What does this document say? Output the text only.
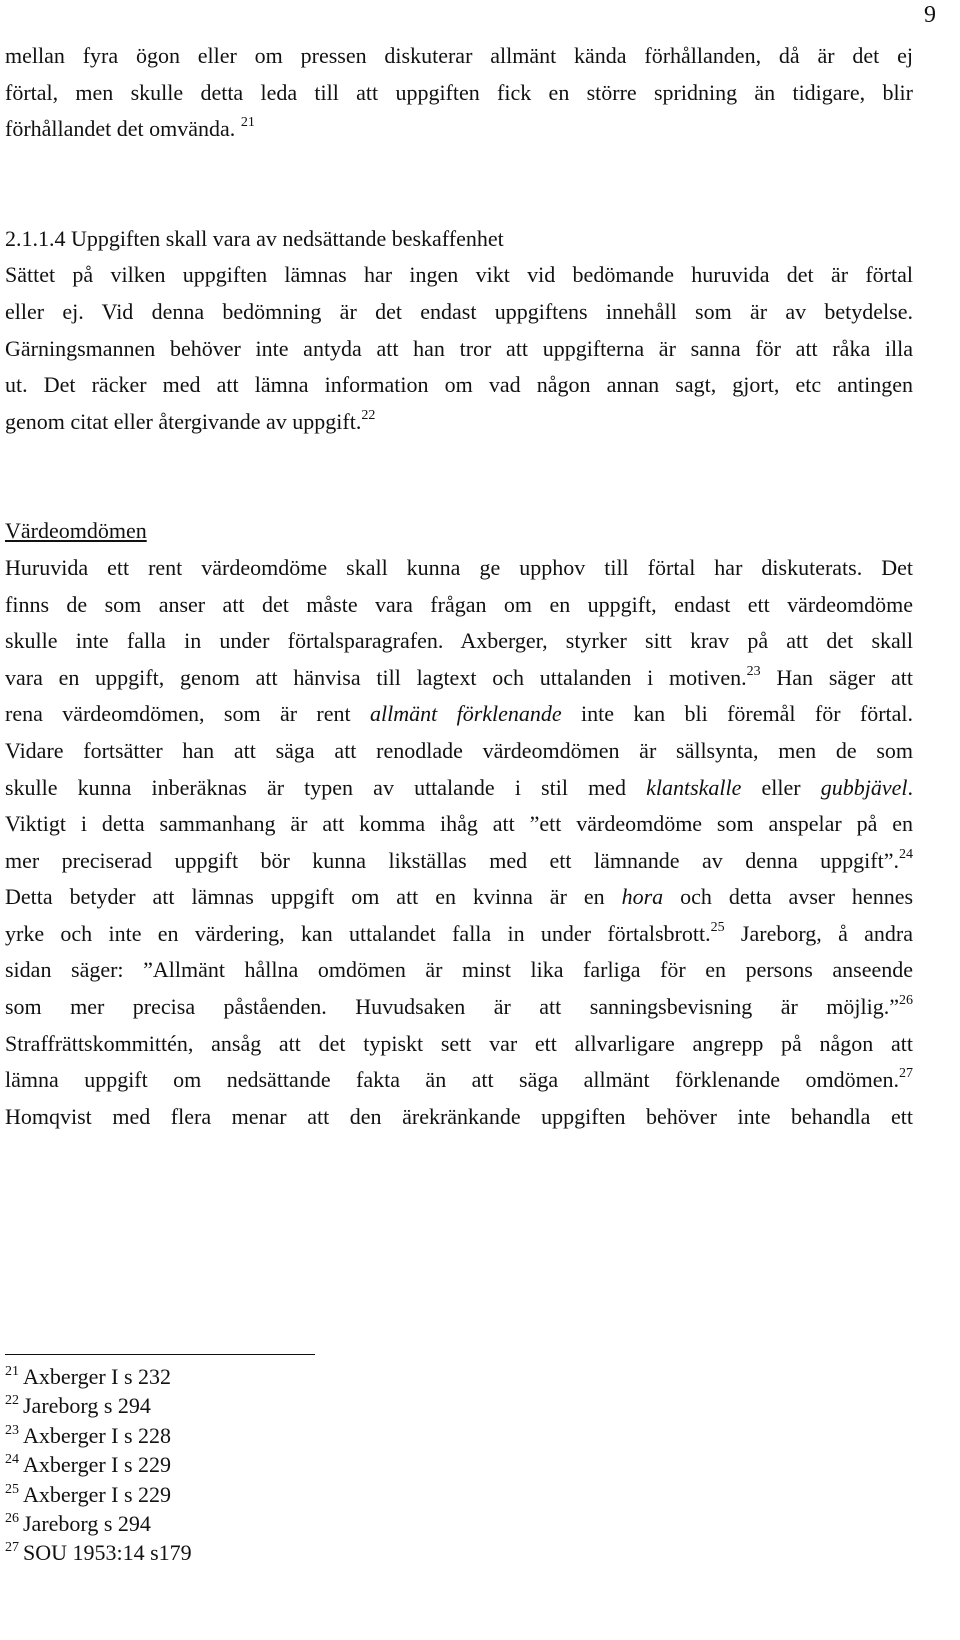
9
mellan fyra ögon eller om pressen diskuterar allmänt kända förhållanden, då är det ej
förtal, men skulle detta leda till att uppgiften fick en större spridning än tidigare, blir
förhållandet det omvända. $^{21}$
2.1.1.4 Uppgiften skall vara av nedsättande beskaffenhet
Sättet på vilken uppgiften lämnas har ingen vikt vid bedömande huruvida det är förtal
eller ej. Vid denna bedömning är det endast uppgiftens innehåll som är av betydelse.
Gärningsmannen behöver inte antyda att han tror att uppgifterna är sanna för att råka illa
ut. Det räcker med att lämna information om vad någon annan sagt, gjort, etc antingen
genom citat eller återgivande av uppgift.$^{22}$
Värdeomdömen
Huruvida ett rent värdeomdöme skall kunna ge upphov till förtal har diskuterats. Det
finns de som anser att det måste vara frågan om en uppgift, endast ett värdeomdöme
skulle inte falla in under förtalsparagrafen. Axberger, styrker sitt krav på att det skall
vara en uppgift, genom att hänvisa till lagtext och uttalanden i motiven.$^{23}$ Han säger att
rena värdeomdömen, som är rent allmänt förklenande inte kan bli föremål för förtal.
Vidare fortsätter han att säga att renodlade värdeomdömen är sällsynta, men de som
skulle kunna inberäknas är typen av uttalande i stil med klantskalle eller gubbjävel.
Viktigt i detta sammanhang är att komma ihåg att ”ett värdeomdöme som anspelar på en
mer preciserad uppgift bör kunna likställas med ett lämnande av denna uppgift”.$^{24}$
Detta betyder att lämnas uppgift om att en kvinna är en hora och detta avser hennes
yrke och inte en värdering, kan uttalandet falla in under förtalsbrott.$^{25}$ Jareborg, å andra
sidan säger: ”Allmänt hållna omdömen är minst lika farliga för en persons anseende
som mer precisa påståenden. Huvudsaken är att sanningsbevisning är möjlig.”$^{26}$
Straffrättskommittén, ansåg att det typiskt sett var ett allvarligare angrepp på någon att
lämna uppgift om nedsättande fakta än att säga allmänt förklenande omdömen.$^{27}$
Homqvist med flera menar att den ärekränkande uppgiften behöver inte behandla ett
$^{21}$ Axberger I s 232
$^{22}$ Jareborg s 294
$^{23}$ Axberger I s 228
$^{24}$ Axberger I s 229
$^{25}$ Axberger I s 229
$^{26}$ Jareborg s 294
$^{27}$ SOU 1953:14 s179
